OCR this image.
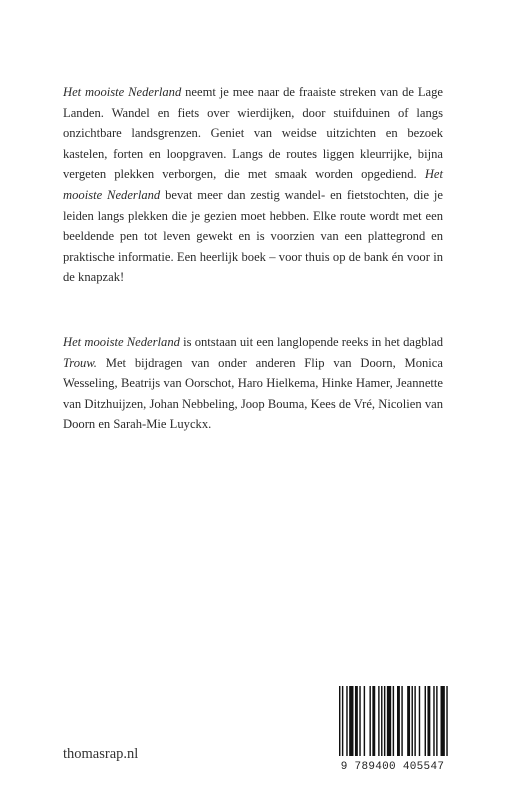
Het mooiste Nederland neemt je mee naar de fraaiste streken van de Lage Landen. Wandel en fiets over wierdijken, door stuifduinen of langs onzichtbare landsgrenzen. Geniet van weidse uitzichten en bezoek kastelen, forten en loopgraven. Langs de routes liggen kleurrijke, bijna vergeten plekken verborgen, die met smaak worden opgediend. Het mooiste Nederland bevat meer dan zestig wandel- en fietstochten, die je leiden langs plekken die je gezien moet hebben. Elke route wordt met een beeldende pen tot leven gewekt en is voorzien van een plattegrond en praktische informatie. Een heerlijk boek – voor thuis op de bank én voor in de knapzak!

Het mooiste Nederland is ontstaan uit een langlopende reeks in het dagblad Trouw. Met bijdragen van onder anderen Flip van Doorn, Monica Wesseling, Beatrijs van Oorschot, Haro Hielkema, Hinke Hamer, Jeannette van Ditzhuijzen, Johan Nebbeling, Joop Bouma, Kees de Vré, Nicolien van Doorn en Sarah-Mie Luyckx.

thomasrap.nl
9 789400 405547
